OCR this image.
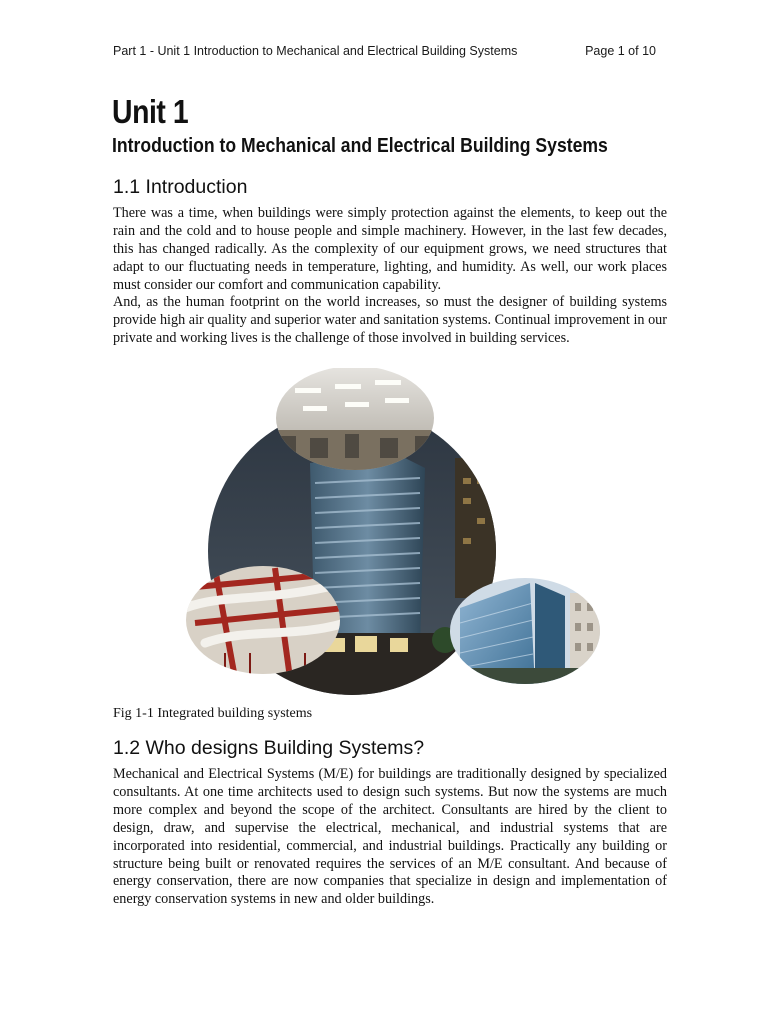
Part 1 - Unit 1 Introduction to Mechanical and Electrical Building Systems	Page 1 of 10
Unit 1
Introduction to Mechanical and Electrical Building Systems
1.1 Introduction

There was a time, when buildings were simply protection against the elements, to keep out the rain and the cold and to house people and simple machinery. However, in the last few decades, this has changed radically. As the complexity of our equipment grows, we need structures that adapt to our fluctuating needs in temperature, lighting, and humidity. As well, our work places must consider our comfort and communication capability.

And, as the human footprint on the world increases, so must the designer of building systems provide high air quality and superior water and sanitation systems. Continual improvement in our private and working lives is the challenge of those involved in building services.

Fig 1-1 Integrated building systems

1.2 Who designs Building Systems?

Mechanical and Electrical Systems (M/E) for buildings are traditionally designed by specialized consultants. At one time architects used to design such systems. But now the systems are much more complex and beyond the scope of the architect. Consultants are hired by the client to design, draw, and supervise the electrical, mechanical, and industrial systems that are incorporated into residential, commercial, and industrial buildings. Practically any building or structure being built or renovated requires the services of an M/E consultant. And because of energy conservation, there are now companies that specialize in design and implementation of energy conservation systems in new and older buildings.
